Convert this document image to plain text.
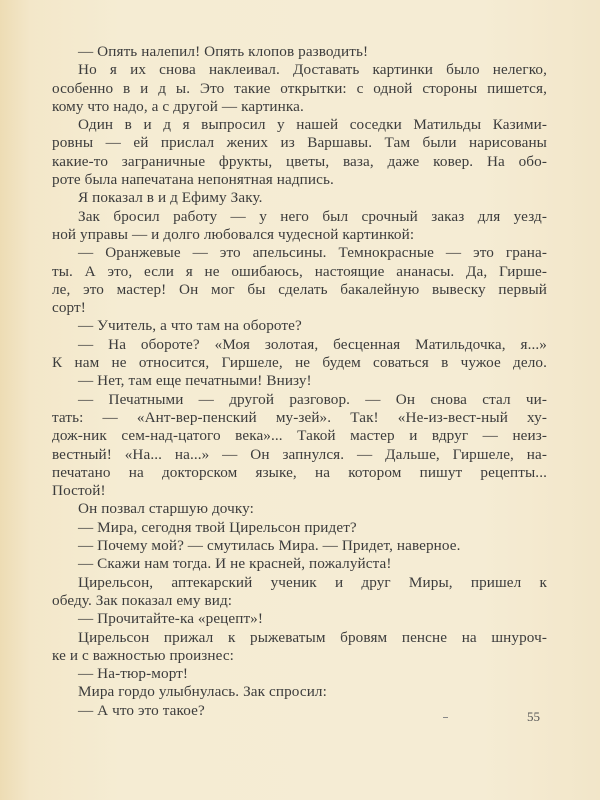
— Опять налепил! Опять клопов разводить!
Но я их снова наклеивал. Доставать картинки было нелегко,
особенно в и д ы. Это такие открытки: с одной стороны пишется,
кому что надо, а с другой — картинка.
Один в и д я выпросил у нашей соседки Матильды Казими-
ровны — ей прислал жених из Варшавы. Там были нарисованы
какие-то заграничные фрукты, цветы, ваза, даже ковер. На обо-
роте была напечатана непонятная надпись.
Я показал в и д Ефиму Заку.
Зак бросил работу — у него был срочный заказ для уезд-
ной управы — и долго любовался чудесной картинкой:
— Оранжевые — это апельсины. Темнокрасные — это грана-
ты. А это, если я не ошибаюсь, настоящие ананасы. Да, Гирше-
ле, это мастер! Он мог бы сделать бакалейную вывеску первый
сорт!
— Учитель, а что там на обороте?
— На обороте? «Моя золотая, бесценная Матильдочка, я...»
К нам не относится, Гиршеле, не будем соваться в чужое дело.
— Нет, там еще печатными! Внизу!
— Печатными — другой разговор. — Он снова стал чи-
тать: — «Ант-вер-пенский му-зей». Так! «Не-из-вест-ный ху-
дож-ник сем-над-цатого века»... Такой мастер и вдруг — неиз-
вестный! «На... на...» — Он запнулся. — Дальше, Гиршеле, на-
печатано на докторском языке, на котором пишут рецепты...
Постой!
Он позвал старшую дочку:
— Мира, сегодня твой Цирельсон придет?
— Почему мой? — смутилась Мира. — Придет, наверное.
— Скажи нам тогда. И не красней, пожалуйста!
Цирельсон, аптекарский ученик и друг Миры, пришел к
обеду. Зак показал ему вид:
— Прочитайте-ка «рецепт»!
Цирельсон прижал к рыжеватым бровям пенсне на шнуроч-
ке и с важностью произнес:
— На-тюр-морт!
Мира гордо улыбнулась. Зак спросил:
— А что это такое?	55
